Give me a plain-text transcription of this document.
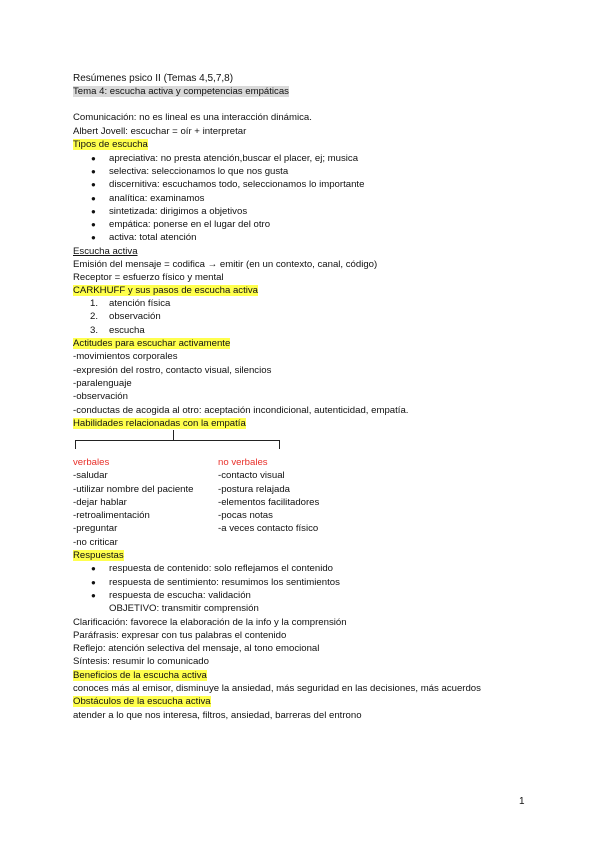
Resúmenes psico II (Temas 4,5,7,8)
Tema 4: escucha activa y competencias empáticas
Comunicación: no es lineal es una interacción dinámica.
Albert Jovell: escuchar = oír + interpretar
Tipos de escucha
● apreciativa: no presta atención,buscar el placer, ej; musica
● selectiva: seleccionamos lo que nos gusta
● discernitiva: escuchamos todo, seleccionamos lo importante
● analítica: examinamos
● sintetizada: dirigimos a objetivos
● empática: ponerse en el lugar del otro
● activa: total atención
Escucha activa
Emisión del mensaje = codifica → emitir (en un contexto, canal, código)
Receptor = esfuerzo físico y mental
CARKHUFF y sus pasos de escucha activa
1. atención física
2. observación
3. escucha
Actitudes para escuchar activamente
-movimientos corporales
-expresión del rostro, contacto visual, silencios
-paralenguaje
-observación
-conductas de acogida al otro: aceptación incondicional, autenticidad, empatía.
Habilidades relacionadas con la empatía
verbales	no verbales
-saludar
-utilizar nombre del paciente
-dejar hablar
-retroalimentación
-preguntar
-no criticar
-contacto visual
-postura relajada
-elementos facilitadores
-pocas notas
-a veces contacto físico
Respuestas
● respuesta de contenido: solo reflejamos el contenido
● respuesta de sentimiento: resumimos los sentimientos
● respuesta de escucha: validación
OBJETIVO: transmitir comprensión
Clarificación: favorece la elaboración de la info y la comprensión
Paráfrasis: expresar con tus palabras el contenido
Reflejo: atención selectiva del mensaje, al tono emocional
Síntesis: resumir lo comunicado
Beneficios de la escucha activa
conoces más al emisor, disminuye la ansiedad, más seguridad en las decisiones, más acuerdos
Obstáculos de la escucha activa
atender a lo que nos interesa, filtros, ansiedad, barreras del entrono
1
